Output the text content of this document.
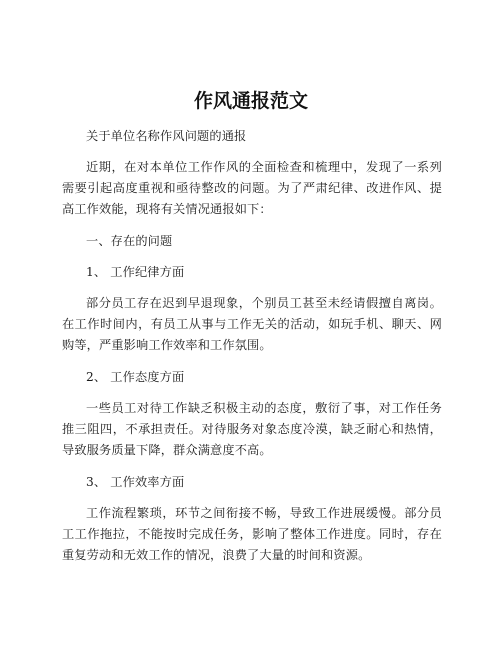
作风通报范文

关于单位名称作风问题的通报

近期，在对本单位工作作风的全面检查和梳理中，发现了一系列需要引起高度重视和亟待整改的问题。为了严肃纪律、改进作风、提高工作效能，现将有关情况通报如下：

一、存在的问题

1、 工作纪律方面

部分员工存在迟到早退现象，个别员工甚至未经请假擅自离岗。在工作时间内，有员工从事与工作无关的活动，如玩手机、聊天、网购等，严重影响工作效率和工作氛围。

2、 工作态度方面

一些员工对待工作缺乏积极主动的态度，敷衍了事，对工作任务推三阻四，不承担责任。对待服务对象态度冷漠，缺乏耐心和热情，导致服务质量下降，群众满意度不高。

3、 工作效率方面

工作流程繁琐，环节之间衔接不畅，导致工作进展缓慢。部分员工工作拖拉，不能按时完成任务，影响了整体工作进度。同时，存在重复劳动和无效工作的情况，浪费了大量的时间和资源。
